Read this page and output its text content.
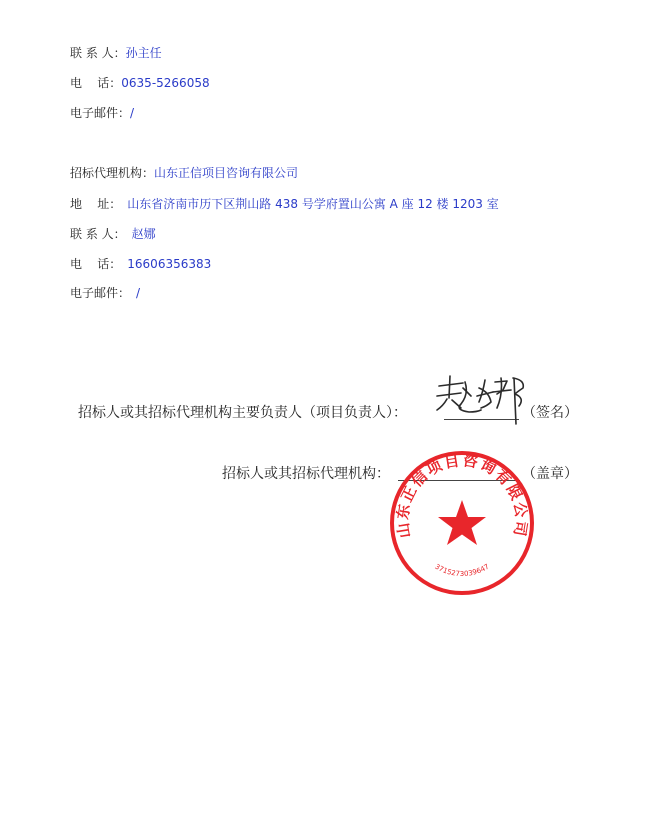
联 系 人：孙主任
电    话：0635-5266058
电子邮件：/
招标代理机构：山东正信项目咨询有限公司
地    址： 山东省济南市历下区荆山路 438 号学府置山公寓 A 座 12 楼 1203 室
联 系 人： 赵娜
电    话： 16606356383
电子邮件： /
招标人或其招标代理机构主要负责人（项目负责人）：	（签名）
招标人或其招标代理机构：	（盖章）
山东正信项目咨询有限公司
3715273039647
